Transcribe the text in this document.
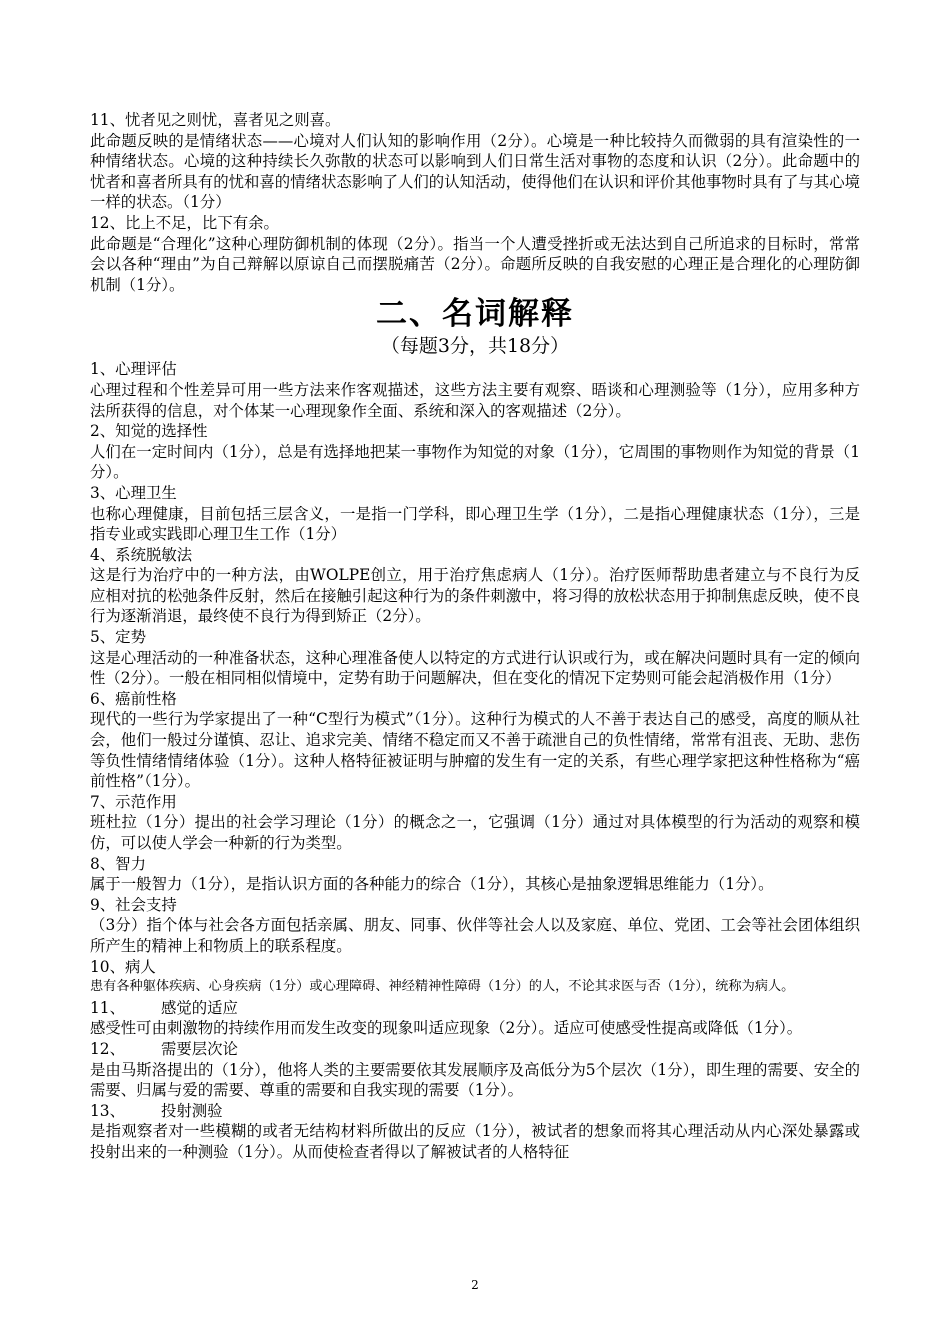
11、忧者见之则忧，喜者见之则喜。

此命题反映的是情绪状态——心境对人们认知的影响作用（2分）。心境是一种比较持久而微弱的具有渲染性的一种情绪状态。心境的这种持续长久弥散的状态可以影响到人们日常生活对事物的态度和认识（2分）。此命题中的忧者和喜者所具有的忧和喜的情绪状态影响了人们的认知活动，使得他们在认识和评价其他事物时具有了与其心境一样的状态。（1分）

12、比上不足，比下有余。

此命题是“合理化”这种心理防御机制的体现（2分）。指当一个人遭受挫折或无法达到自己所追求的目标时，常常会以各种“理由”为自己辩解以原谅自己而摆脱痛苦（2分）。命题所反映的自我安慰的心理正是合理化的心理防御机制（1分）。

二、名词解释

（每题3分，共18分）

1、心理评估

心理过程和个性差异可用一些方法来作客观描述，这些方法主要有观察、晤谈和心理测验等（1分），应用多种方法所获得的信息，对个体某一心理现象作全面、系统和深入的客观描述（2分）。

2、知觉的选择性

人们在一定时间内（1分），总是有选择地把某一事物作为知觉的对象（1分），它周围的事物则作为知觉的背景（1分）。

3、心理卫生

也称心理健康，目前包括三层含义，一是指一门学科，即心理卫生学（1分），二是指心理健康状态（1分），三是指专业或实践即心理卫生工作（1分）

4、系统脱敏法

这是行为治疗中的一种方法，由WOLPE创立，用于治疗焦虑病人（1分）。治疗医师帮助患者建立与不良行为反应相对抗的松弛条件反射，然后在接触引起这种行为的条件刺激中，将习得的放松状态用于抑制焦虑反映，使不良行为逐渐消退，最终使不良行为得到矫正（2分）。

5、定势

这是心理活动的一种准备状态，这种心理准备使人以特定的方式进行认识或行为，或在解决问题时具有一定的倾向性（2分）。一般在相同相似情境中，定势有助于问题解决，但在变化的情况下定势则可能会起消极作用（1分）

6、癌前性格

现代的一些行为学家提出了一种“C型行为模式”（1分）。这种行为模式的人不善于表达自己的感受，高度的顺从社会，他们一般过分谨慎、忍让、追求完美、情绪不稳定而又不善于疏泄自己的负性情绪，常常有沮丧、无助、悲伤等负性情绪情绪体验（1分）。这种人格特征被证明与肿瘤的发生有一定的关系，有些心理学家把这种性格称为“癌前性格”（1分）。

7、示范作用

班杜拉（1分）提出的社会学习理论（1分）的概念之一，它强调（1分）通过对具体模型的行为活动的观察和模仿，可以使人学会一种新的行为类型。

8、智力

属于一般智力（1分），是指认识方面的各种能力的综合（1分），其核心是抽象逻辑思维能力（1分）。

9、社会支持

（3分）指个体与社会各方面包括亲属、朋友、同事、伙伴等社会人以及家庭、单位、党团、工会等社会团体组织所产生的精神上和物质上的联系程度。

10、病人

患有各种躯体疾病、心身疾病（1分）或心理障碍、神经精神性障碍（1分）的人，不论其求医与否（1分），统称为病人。

11、 感觉的适应

感受性可由刺激物的持续作用而发生改变的现象叫适应现象（2分）。适应可使感受性提高或降低（1分）。

12、 需要层次论

是由马斯洛提出的（1分），他将人类的主要需要依其发展顺序及高低分为5个层次（1分），即生理的需要、安全的需要、归属与爱的需要、尊重的需要和自我实现的需要（1分）。

13、 投射测验

是指观察者对一些模糊的或者无结构材料所做出的反应（1分），被试者的想象而将其心理活动从内心深处暴露或投射出来的一种测验（1分）。从而使检查者得以了解被试者的人格特征

2
